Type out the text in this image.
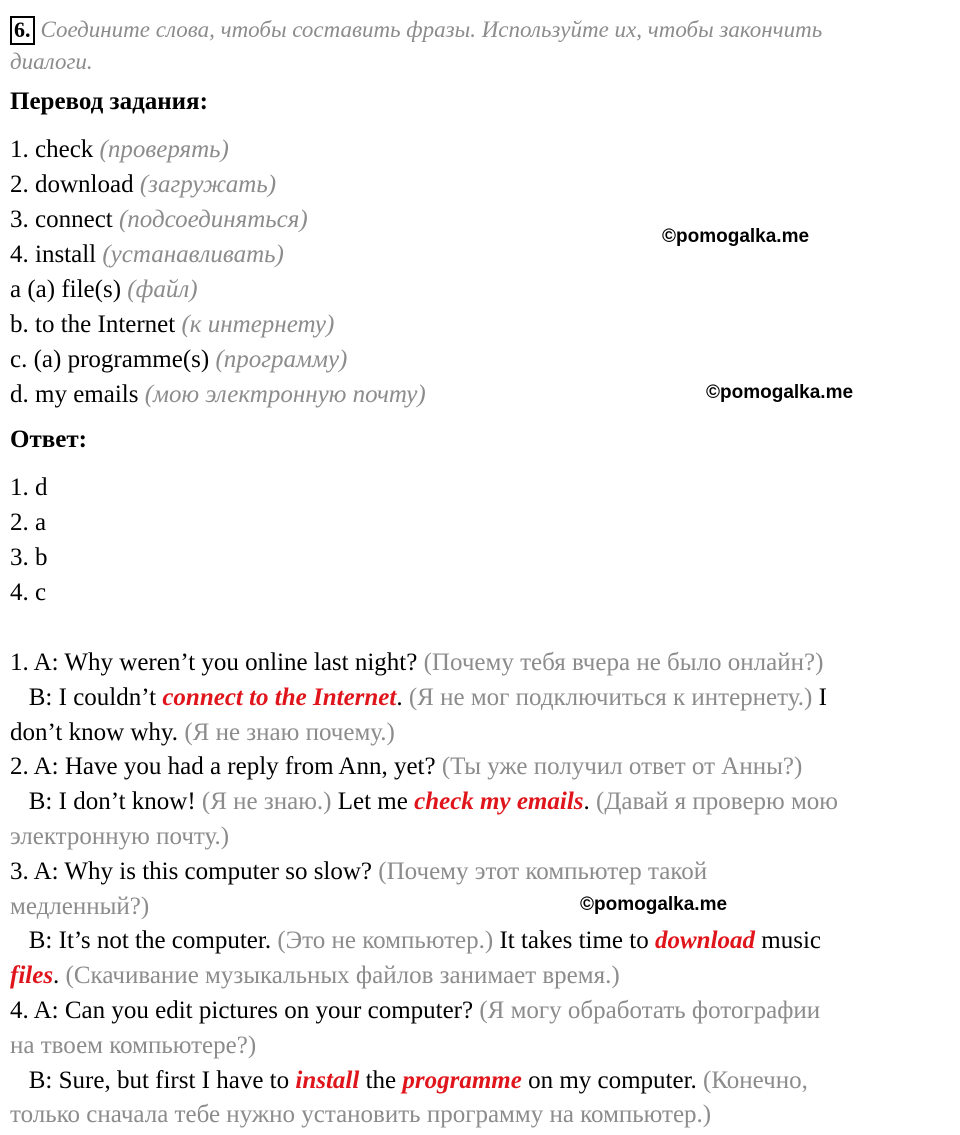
6. Соедините слова, чтобы составить фразы. Используйте их, чтобы закончить
диалоги.
Перевод задания:
1. check (проверять)
2. download (загружать)
3. connect (подсоединяться)
4. install (устанавливать)
a (a) file(s) (файл)
b. to the Internet (к интернету)
c. (a) programme(s) (программу)
d. my emails (мою электронную почту)
Ответ:
1. d
2. a
3. b
4. c
1. A: Why weren’t you online last night? (Почему тебя вчера не было онлайн?)
B: I couldn’t connect to the Internet. (Я не мог подключиться к интернету.) I
don’t know why. (Я не знаю почему.)
2. A: Have you had a reply from Ann, yet? (Ты уже получил ответ от Анны?)
B: I don’t know! (Я не знаю.) Let me check my emails. (Давай я проверю мою
электронную почту.)
3. A: Why is this computer so slow? (Почему этот компьютер такой
медленный?)
B: It’s not the computer. (Это не компьютер.) It takes time to download music
files. (Скачивание музыкальных файлов занимает время.)
4. A: Can you edit pictures on your computer? (Я могу обработать фотографии
на твоем компьютере?)
B: Sure, but first I have to install the programme on my computer. (Конечно,
только сначала тебе нужно установить программу на компьютер.)
©pomogalka.me
©pomogalka.me
©pomogalka.me
